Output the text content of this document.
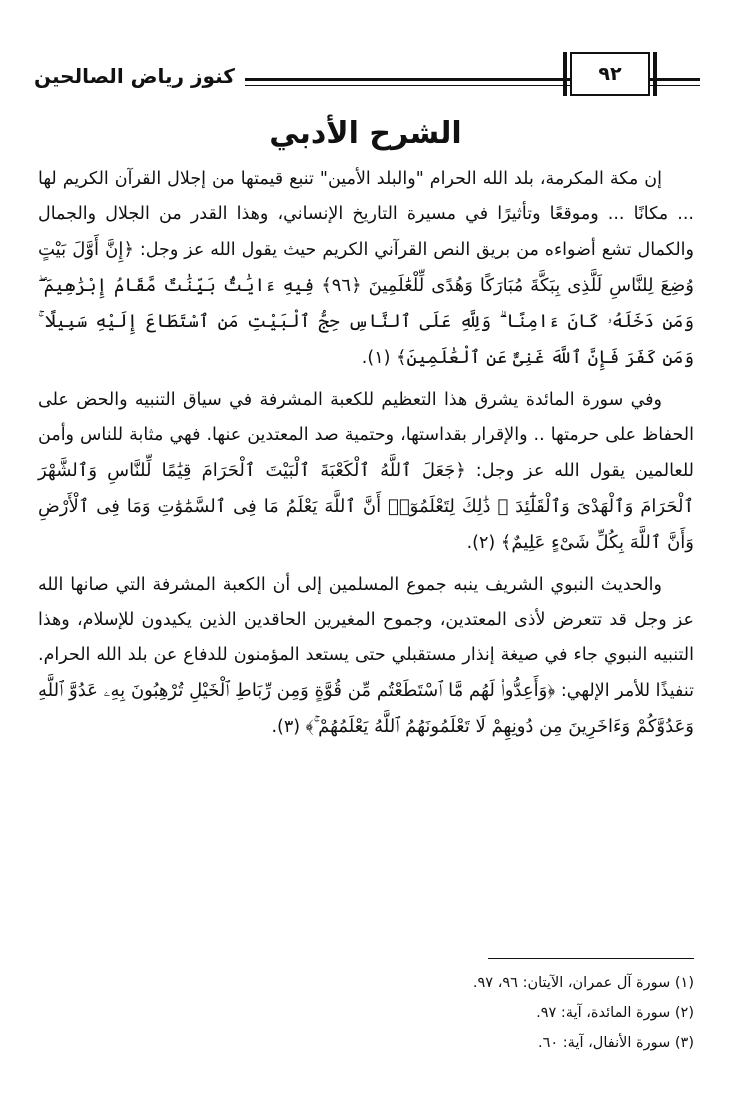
كنوز رياض الصالحين	٩٢
الشرح الأدبي

إن مكة المكرمة، بلد الله الحرام "والبلد الأمين" تنبع قيمتها من إجلال القرآن الكريم لها ... مكانًا ... وموقعًا وتأثيرًا في مسيرة التاريخ الإنساني، وهذا القدر من الجلال والجمال والكمال تشع أضواءه من بريق النص القرآني الكريم حيث يقول الله عز وجل: ﴿إِنَّ أَوَّلَ بَيْتٍ وُضِعَ لِلنَّاسِ لَلَّذِى بِبَكَّةَ مُبَارَكًا وَهُدًى لِّلْعَٰلَمِينَ ﴿٩٦﴾ فِيهِ ءَايَٰتٌۢ بَيِّنَٰتٌ مَّقَامُ إِبْرَٰهِيمَ ۖ وَمَن دَخَلَهُۥ كَانَ ءَامِنًا ۗ وَلِلَّهِ عَلَى ٱلنَّاسِ حِجُّ ٱلْبَيْتِ مَنِ ٱسْتَطَاعَ إِلَيْهِ سَبِيلًا ۚ وَمَن كَفَرَ فَإِنَّ ٱللَّهَ غَنِىٌّ عَنِ ٱلْعَٰلَمِينَ﴾ (١).

وفي سورة المائدة يشرق هذا التعظيم للكعبة المشرفة في سياق التنبيه والحض على الحفاظ على حرمتها .. والإقرار بقداستها، وحتمية صد المعتدين عنها. فهي مثابة للناس وأمن للعالمين يقول الله عز وجل: ﴿جَعَلَ ٱللَّهُ ٱلْكَعْبَةَ ٱلْبَيْتَ ٱلْحَرَامَ قِيَٰمًا لِّلنَّاسِ وَٱلشَّهْرَ ٱلْحَرَامَ وَٱلْهَدْىَ وَٱلْقَلَٰٓئِدَ ۚ ذَٰلِكَ لِتَعْلَمُوٓا۟ أَنَّ ٱللَّهَ يَعْلَمُ مَا فِى ٱلسَّمَٰوَٰتِ وَمَا فِى ٱلْأَرْضِ وَأَنَّ ٱللَّهَ بِكُلِّ شَىْءٍ عَلِيمٌ﴾ (٢).

والحديث النبوي الشريف ينبه جموع المسلمين إلى أن الكعبة المشرفة التي صانها الله عز وجل قد تتعرض لأذى المعتدين، وجموح المغيرين الحاقدين الذين يكيدون للإسلام، وهذا التنبيه النبوي جاء في صيغة إنذار مستقبلي حتى يستعد المؤمنون للدفاع عن بلد الله الحرام. تنفيذًا للأمر الإلهي: ﴿وَأَعِدُّوا۟ لَهُم مَّا ٱسْتَطَعْتُم مِّن قُوَّةٍ وَمِن رِّبَاطِ ٱلْخَيْلِ تُرْهِبُونَ بِهِۦ عَدُوَّ ٱللَّهِ وَعَدُوَّكُمْ وَءَاخَرِينَ مِن دُونِهِمْ لَا تَعْلَمُونَهُمُ ٱللَّهُ يَعْلَمُهُمْ ۚ﴾ (٣).

(١) سورة آل عمران، الآيتان: ٩٦، ٩٧.
(٢) سورة المائدة، آية: ٩٧.
(٣) سورة الأنفال، آية: ٦٠.
